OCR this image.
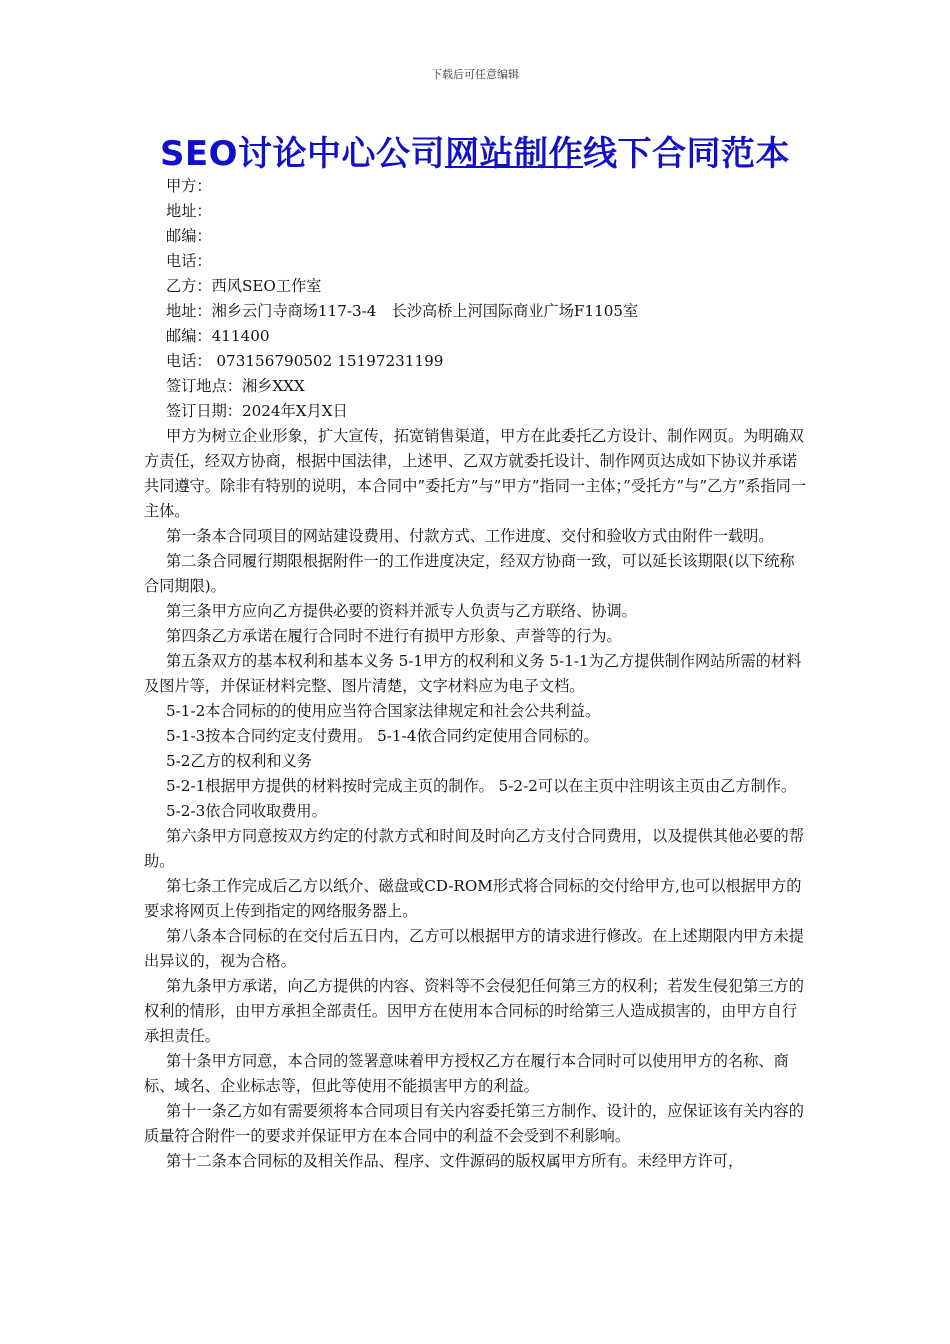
下载后可任意编辑
SEO讨论中心公司网站制作线下合同范本

甲方：

地址：

邮编：

电话：

乙方：西风SEO工作室

地址：湘乡云门寺商场117-3-4　长沙高桥上河国际商业广场F1105室

邮编：411400

电话： 073156790502 15197231199

签订地点：湘乡XXX

签订日期：2024年X月X日

甲方为树立企业形象，扩大宣传，拓宽销售渠道，甲方在此委托乙方设计、制作网页。为明确双方责任，经双方协商，根据中国法律，上述甲、乙双方就委托设计、制作网页达成如下协议并承诺共同遵守。除非有特别的说明，本合同中”委托方”与”甲方”指同一主体；”受托方”与”乙方”系指同一主体。

第一条本合同项目的网站建设费用、付款方式、工作进度、交付和验收方式由附件一载明。

第二条合同履行期限根据附件一的工作进度决定，经双方协商一致，可以延长该期限(以下统称合同期限)。

第三条甲方应向乙方提供必要的资料并派专人负责与乙方联络、协调。

第四条乙方承诺在履行合同时不进行有损甲方形象、声誉等的行为。

第五条双方的基本权利和基本义务 5-1甲方的权利和义务 5-1-1为乙方提供制作网站所需的材料及图片等，并保证材料完整、图片清楚，文字材料应为电子文档。

5-1-2本合同标的的使用应当符合国家法律规定和社会公共利益。

5-1-3按本合同约定支付费用。 5-1-4依合同约定使用合同标的。

5-2乙方的权利和义务

5-2-1根据甲方提供的材料按时完成主页的制作。 5-2-2可以在主页中注明该主页由乙方制作。

5-2-3依合同收取费用。

第六条甲方同意按双方约定的付款方式和时间及时向乙方支付合同费用，以及提供其他必要的帮助。

第七条工作完成后乙方以纸介、磁盘或CD-ROM形式将合同标的交付给甲方,也可以根据甲方的要求将网页上传到指定的网络服务器上。

第八条本合同标的在交付后五日内，乙方可以根据甲方的请求进行修改。在上述期限内甲方未提出异议的，视为合格。

第九条甲方承诺，向乙方提供的内容、资料等不会侵犯任何第三方的权利；若发生侵犯第三方的权利的情形，由甲方承担全部责任。因甲方在使用本合同标的时给第三人造成损害的，由甲方自行承担责任。

第十条甲方同意，本合同的签署意味着甲方授权乙方在履行本合同时可以使用甲方的名称、商标、域名、企业标志等，但此等使用不能损害甲方的利益。

第十一条乙方如有需要须将本合同项目有关内容委托第三方制作、设计的，应保证该有关内容的质量符合附件一的要求并保证甲方在本合同中的利益不会受到不利影响。

第十二条本合同标的及相关作品、程序、文件源码的版权属甲方所有。未经甲方许可，
